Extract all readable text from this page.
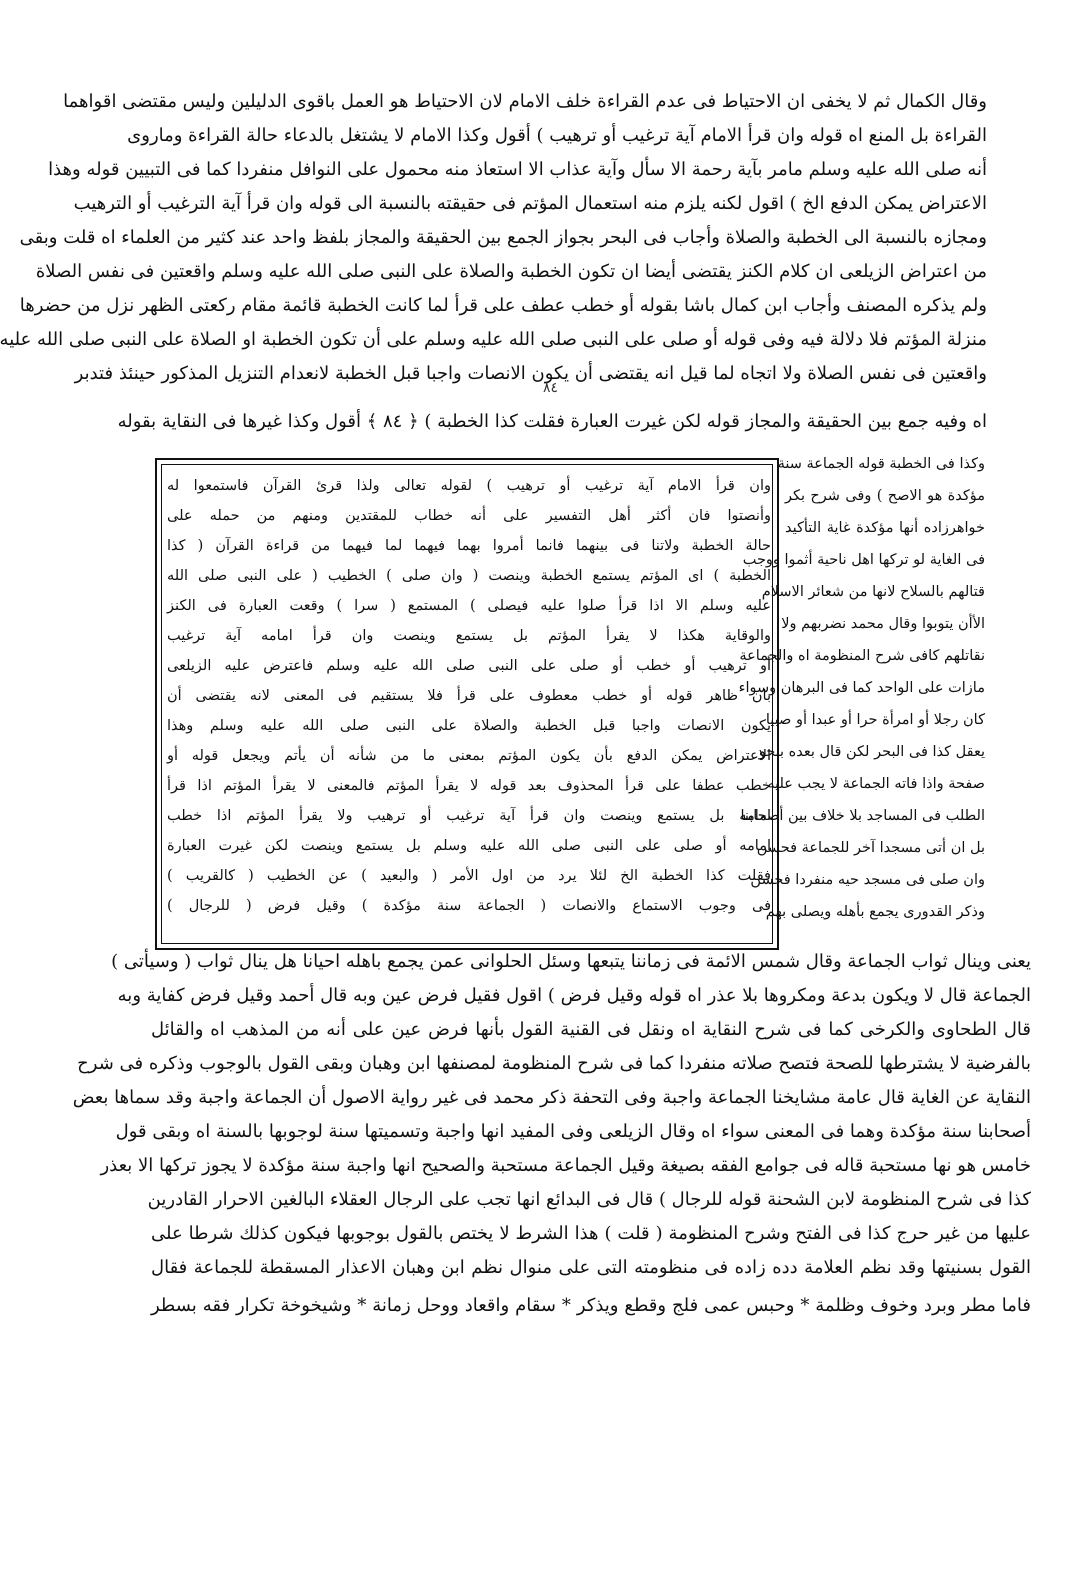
وقال الكمال ثم لا يخفى ان الاحتياط فى عدم القراءة خلف الامام لان الاحتياط هو العمل باقوى الدليلين وليس مقتضى اقواهما
القراءة بل المنع اه قوله وان قرأ الامام آية ترغيب أو ترهيب ) أقول وكذا الامام لا يشتغل بالدعاء حالة القراءة وماروى
أنه صلى الله عليه وسلم مامر بآية رحمة الا سأل وآية عذاب الا استعاذ منه محمول على النوافل منفردا كما فى التبيين قوله وهذا
الاعتراض يمكن الدفع الخ ) اقول لكنه يلزم منه استعمال المؤتم فى حقيقته بالنسبة الى قوله وان قرأ آية الترغيب أو الترهيب
ومجازه بالنسبة الى الخطبة والصلاة وأجاب فى البحر بجواز الجمع بين الحقيقة والمجاز بلفظ واحد عند كثير من العلماء اه قلت وبقى
من اعتراض الزيلعى ان كلام الكنز يقتضى أيضا ان تكون الخطبة والصلاة على النبى صلى الله عليه وسلم واقعتين فى نفس الصلاة
ولم يذكره المصنف وأجاب ابن كمال باشا بقوله أو خطب عطف على قرأ لما كانت الخطبة قائمة مقام ركعتى الظهر نزل من حضرها
منزلة المؤتم فلا دلالة فيه وفى قوله أو صلى على النبى صلى الله عليه وسلم على أن تكون الخطبة او الصلاة على النبى صلى الله عليه
واقعتين فى نفس الصلاة ولا اتجاه لما قيل انه يقتضى أن يكون الانصات واجبا قبل الخطبة لانعدام التنزيل المذكور حينئذ فتدبر
اه وفيه جمع بين الحقيقة والمجاز قوله لكن غيرت العبارة فقلت كذا الخطبة ) ﴿ ٨٤ ﴾ أقول وكذا غيرها فى النقاية بقوله
٨٤
وكذا فى الخطبة قوله الجماعة سنة
مؤكدة هو الاصح ) وفى شرح بكر
خواهرزاده أنها مؤكدة غاية التأكيد
فى الغاية لو تركها اهل ناحية أثموا ووجب
قتالهم بالسلاح لانها من شعائر الاسلام
الأأن يتوبوا وقال محمد نضربهم ولا
نقاتلهم كافى شرح المنظومة اه والجماعة
مازات على الواحد كما فى البرهان وسواء
كان رجلا أو امرأة حرا أو عبدا أو صبيا
يعقل كذا فى البحر لكن قال بعده بنحو
صفحة واذا فاته الجماعة لا يجب عليه
الطلب فى المساجد بلا خلاف بين أصحابنا
بل ان أتى مسجدا آخر للجماعة فحسن
وان صلى فى مسجد حيه منفردا فحسن
وذكر القدورى يجمع بأهله ويصلى بهم
وان قرأ الامام آية ترغيب أو ترهيب ) لقوله تعالى ولذا قرئ القرآن فاستمعوا له
وأنصتوا فان أكثر أهل التفسير على أنه خطاب للمقتدين ومنهم من حمله على
حالة الخطبة ولاتنا فى بينهما فانما أمروا بهما فيهما لما فيهما من قراءة القرآن ( كذا
الخطبة ) اى المؤتم يستمع الخطبة وينصت ( وان صلى ) الخطيب ( على النبى صلى الله
عليه وسلم الا اذا قرأ صلوا عليه فيصلى ) المستمع ( سرا ) وقعت العبارة فى الكنز
والوقاية هكذا لا يقرأ المؤتم بل يستمع وينصت وان قرأ امامه آية ترغيب
أو ترهيب أو خطب أو صلى على النبى صلى الله عليه وسلم فاعترض عليه الزيلعى
بان ظاهر قوله أو خطب معطوف على قرأ فلا يستقيم فى المعنى لانه يقتضى أن
يكون الانصات واجبا قبل الخطبة والصلاة على النبى صلى الله عليه وسلم وهذا
الاعتراض يمكن الدفع بأن يكون المؤتم بمعنى ما من شأنه أن يأتم ويجعل قوله أو
خطب عطفا على قرأ المحذوف بعد قوله لا يقرأ المؤتم فالمعنى لا يقرأ المؤتم اذا قرأ
امامه بل يستمع وينصت وان قرأ آية ترغيب أو ترهيب ولا يقرأ المؤتم اذا خطب
امامه أو صلى على النبى صلى الله عليه وسلم بل يستمع وينصت لكن غيرت العبارة
فقلت كذا الخطبة الخ لئلا يرد من اول الأمر ( والبعيد ) عن الخطيب ( كالقريب )
فى وجوب الاستماع والانصات ( الجماعة سنة مؤكدة ) وقيل فرض ( للرجال )
يعنى وينال ثواب الجماعة وقال شمس الائمة فى زماننا يتبعها وسئل الحلوانى عمن يجمع باهله احيانا هل ينال ثواب ( وسيأتى )
الجماعة قال لا ويكون بدعة ومكروها بلا عذر اه قوله وقيل فرض ) اقول فقيل فرض عين وبه قال أحمد وقيل فرض كفاية وبه
قال الطحاوى والكرخى كما فى شرح النقاية اه ونقل فى القنية القول بأنها فرض عين على أنه من المذهب اه والقائل
بالفرضية لا يشترطها للصحة فتصح صلاته منفردا كما فى شرح المنظومة لمصنفها ابن وهبان وبقى القول بالوجوب وذكره فى شرح
النقاية عن الغاية قال عامة مشايخنا الجماعة واجبة وفى التحفة ذكر محمد فى غير رواية الاصول أن الجماعة واجبة وقد سماها بعض
أصحابنا سنة مؤكدة وهما فى المعنى سواء اه وقال الزيلعى وفى المفيد انها واجبة وتسميتها سنة لوجوبها بالسنة اه وبقى قول
خامس هو نها مستحبة قاله فى جوامع الفقه بصيغة وقيل الجماعة مستحبة والصحيح انها واجبة سنة مؤكدة لا يجوز تركها الا بعذر
كذا فى شرح المنظومة لابن الشحنة قوله للرجال ) قال فى البدائع انها تجب على الرجال العقلاء البالغين الاحرار القادرين
عليها من غير حرج كذا فى الفتح وشرح المنظومة ( قلت ) هذا الشرط لا يختص بالقول بوجوبها فيكون كذلك شرطا على
القول بسنيتها وقد نظم العلامة دده زاده فى منظومته التى على منوال نظم ابن وهبان الاعذار المسقطة للجماعة فقال
فاما مطر وبرد وخوف وظلمة * وحبس عمى فلج وقطع ويذكر * سقام واقعاد ووحل زمانة * وشيخوخة تكرار فقه بسطر
